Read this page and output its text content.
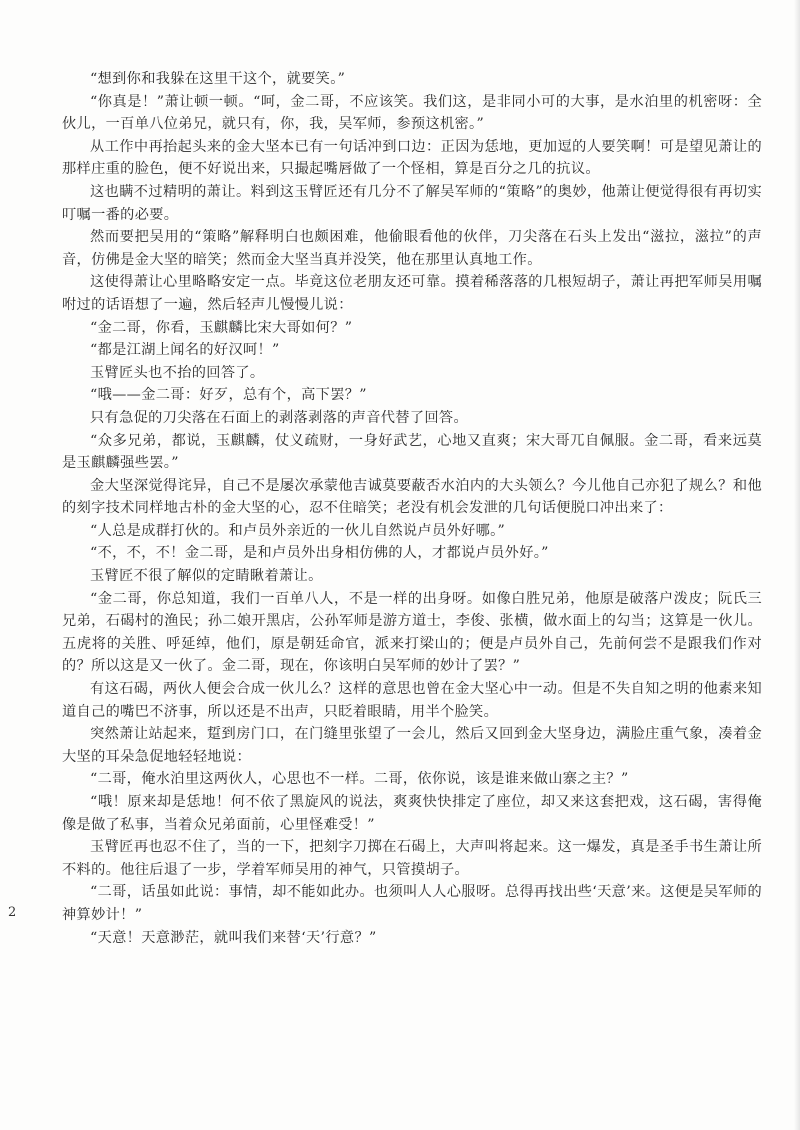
“想到你和我躲在这里干这个，就要笑。”

“你真是！”萧让顿一顿。“呵，金二哥，不应该笑。我们这，是非同小可的大事，是水泊里的机密呀：全伙儿，一百单八位弟兄，就只有，你，我，吴军师，参预这机密。”

从工作中再抬起头来的金大坚本已有一句话冲到口边：正因为恁地，更加逗的人要笑啊！可是望见萧让的那样庄重的脸色，便不好说出来，只撮起嘴唇做了一个怪相，算是百分之几的抗议。

这也瞒不过精明的萧让。料到这玉臂匠还有几分不了解吴军师的“策略”的奥妙，他萧让便觉得很有再切实叮嘱一番的必要。

然而要把吴用的“策略”解释明白也颇困难，他偷眼看他的伙伴，刀尖落在石头上发出“滋拉，滋拉”的声音，仿佛是金大坚的暗笑；然而金大坚当真并没笑，他在那里认真地工作。

这使得萧让心里略略安定一点。毕竟这位老朋友还可靠。摸着稀落落的几根短胡子，萧让再把军师吴用嘱咐过的话语想了一遍，然后轻声儿慢慢儿说：

“金二哥，你看，玉麒麟比宋大哥如何？”

“都是江湖上闻名的好汉呵！”

玉臂匠头也不抬的回答了。

“哦——金二哥：好歹，总有个，高下罢？”

只有急促的刀尖落在石面上的剥落剥落的声音代替了回答。

“众多兄弟，都说，玉麒麟，仗义疏财，一身好武艺，心地又直爽；宋大哥兀自佩服。金二哥，看来远莫是玉麒麟强些罢。”

金大坚深觉得诧异，自己不是屡次承蒙他吉诚莫要蔽否水泊内的大头领么？今儿他自己亦犯了规么？和他的刻字技术同样地古朴的金大坚的心，忍不住暗笑；老没有机会发泄的几句话便脱口冲出来了：

“人总是成群打伙的。和卢员外亲近的一伙儿自然说卢员外好哪。”

“不，不，不！金二哥，是和卢员外出身相仿佛的人，才都说卢员外好。”

玉臂匠不很了解似的定睛瞅着萧让。

“金二哥，你总知道，我们一百单八人，不是一样的出身呀。如像白胜兄弟，他原是破落户泼皮；阮氏三兄弟，石碣村的渔民；孙二娘开黑店，公孙军师是游方道士，李俊、张横，做水面上的勾当；这算是一伙儿。五虎将的关胜、呼延绰，他们，原是朝廷命官，派来打梁山的；便是卢员外自己，先前何尝不是跟我们作对的？所以这是又一伙了。金二哥，现在，你该明白吴军师的妙计了罢？”

有这石碣，两伙人便会合成一伙儿么？这样的意思也曾在金大坚心中一动。但是不失自知之明的他素来知道自己的嘴巴不济事，所以还是不出声，只眨着眼睛，用半个脸笑。

突然萧让站起来，踅到房门口，在门缝里张望了一会儿，然后又回到金大坚身边，满脸庄重气象，凑着金大坚的耳朵急促地轻轻地说：

“二哥，俺水泊里这两伙人，心思也不一样。二哥，依你说，该是谁来做山寨之主？”

“哦！原来却是恁地！何不依了黑旋风的说法，爽爽快快排定了座位，却又来这套把戏，这石碣，害得俺像是做了私事，当着众兄弟面前，心里怪难受！”

玉臂匠再也忍不住了，当的一下，把刻字刀掷在石碣上，大声叫将起来。这一爆发，真是圣手书生萧让所不料的。他往后退了一步，学着军师吴用的神气，只管摸胡子。

“二哥，话虽如此说：事情，却不能如此办。也须叫人人心服呀。总得再找出些‘天意’来。这便是吴军师的神算妙计！”

“天意！天意渺茫，就叫我们来替‘天’行意？”

2
